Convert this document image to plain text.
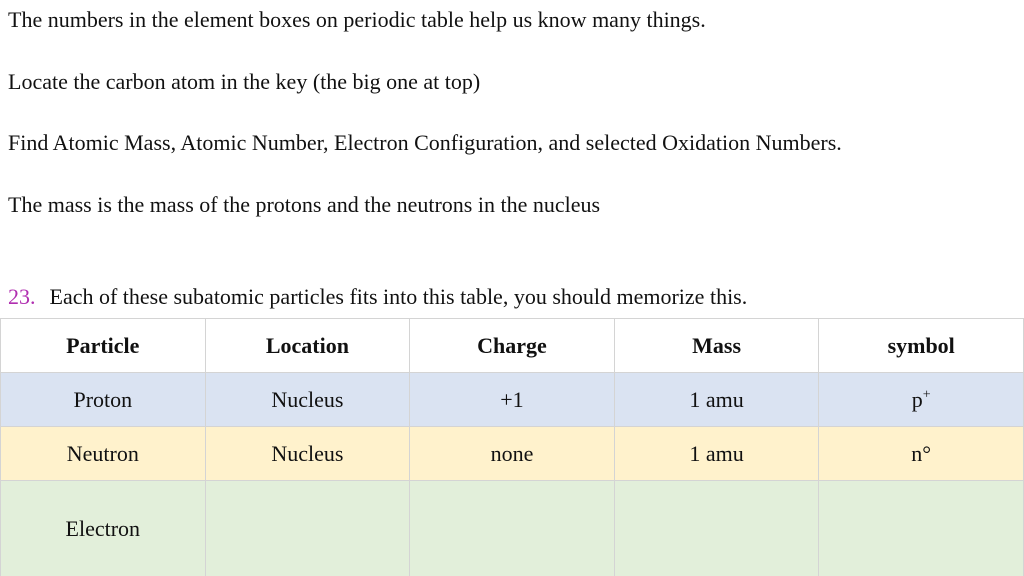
The numbers in the element boxes on periodic table help us know many things.
Locate the carbon atom in the key (the big one at top)
Find Atomic Mass, Atomic Number, Electron Configuration, and selected Oxidation Numbers.
The mass is the mass of the protons and the neutrons in the nucleus
23. Each of these subatomic particles fits into this table, you should memorize this.
Particle	Location	Charge	Mass	symbol
Proton	Nucleus	+1	1 amu	p+
Neutron	Nucleus	none	1 amu	n°
Electron				
